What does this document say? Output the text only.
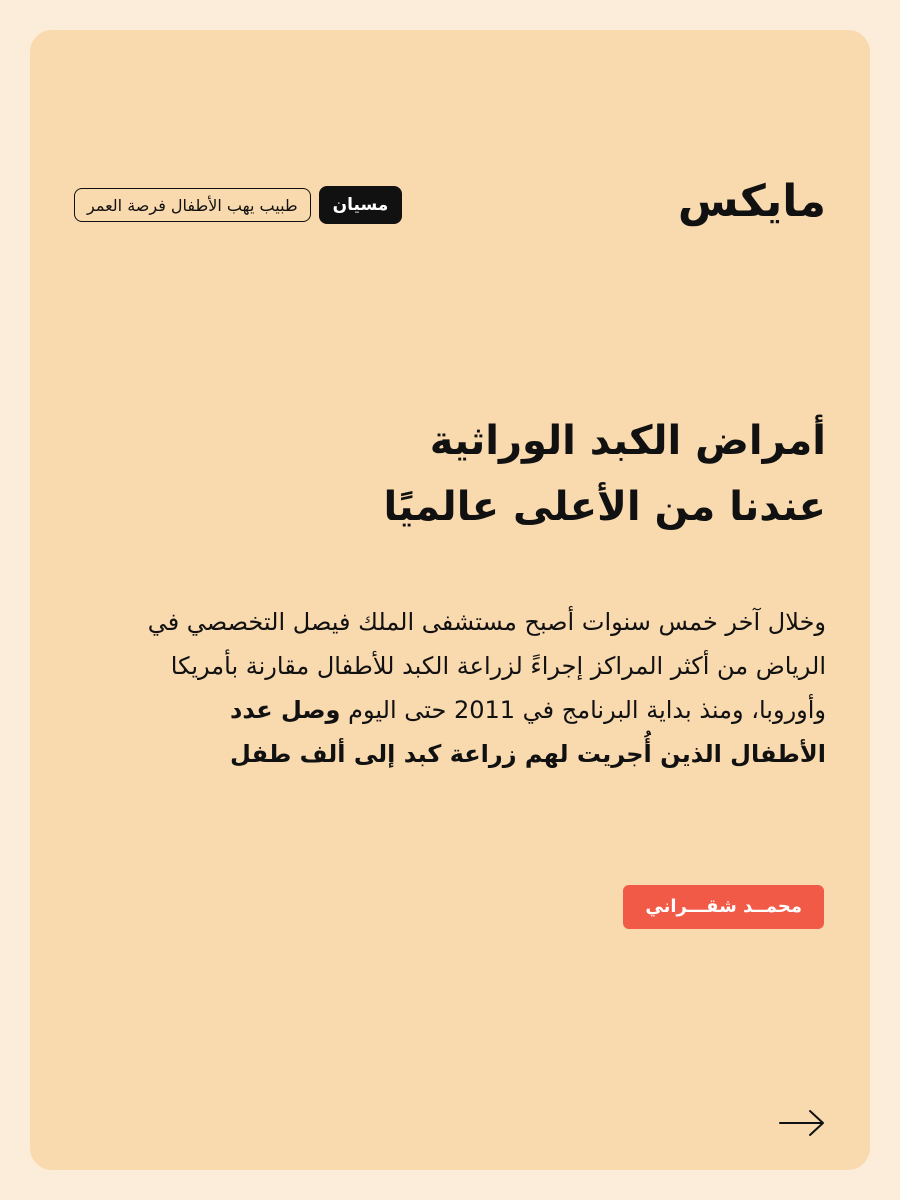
مايكس
طبيب يهب الأطفال فرصة العمر	مسيان
أمراض الكبد الوراثية
عندنا من الأعلى عالميًا

وخلال آخر خمس سنوات أصبح مستشفى الملك فيصل التخصصي في الرياض من أكثر المراكز إجراءً لزراعة الكبد للأطفال مقارنة بأمريكا وأوروبا، ومنذ بداية البرنامج في 2011 حتى اليوم وصل عدد الأطفال الذين أُجريت لهم زراعة كبد إلى ألف طفل

محمــد شقـــراني
